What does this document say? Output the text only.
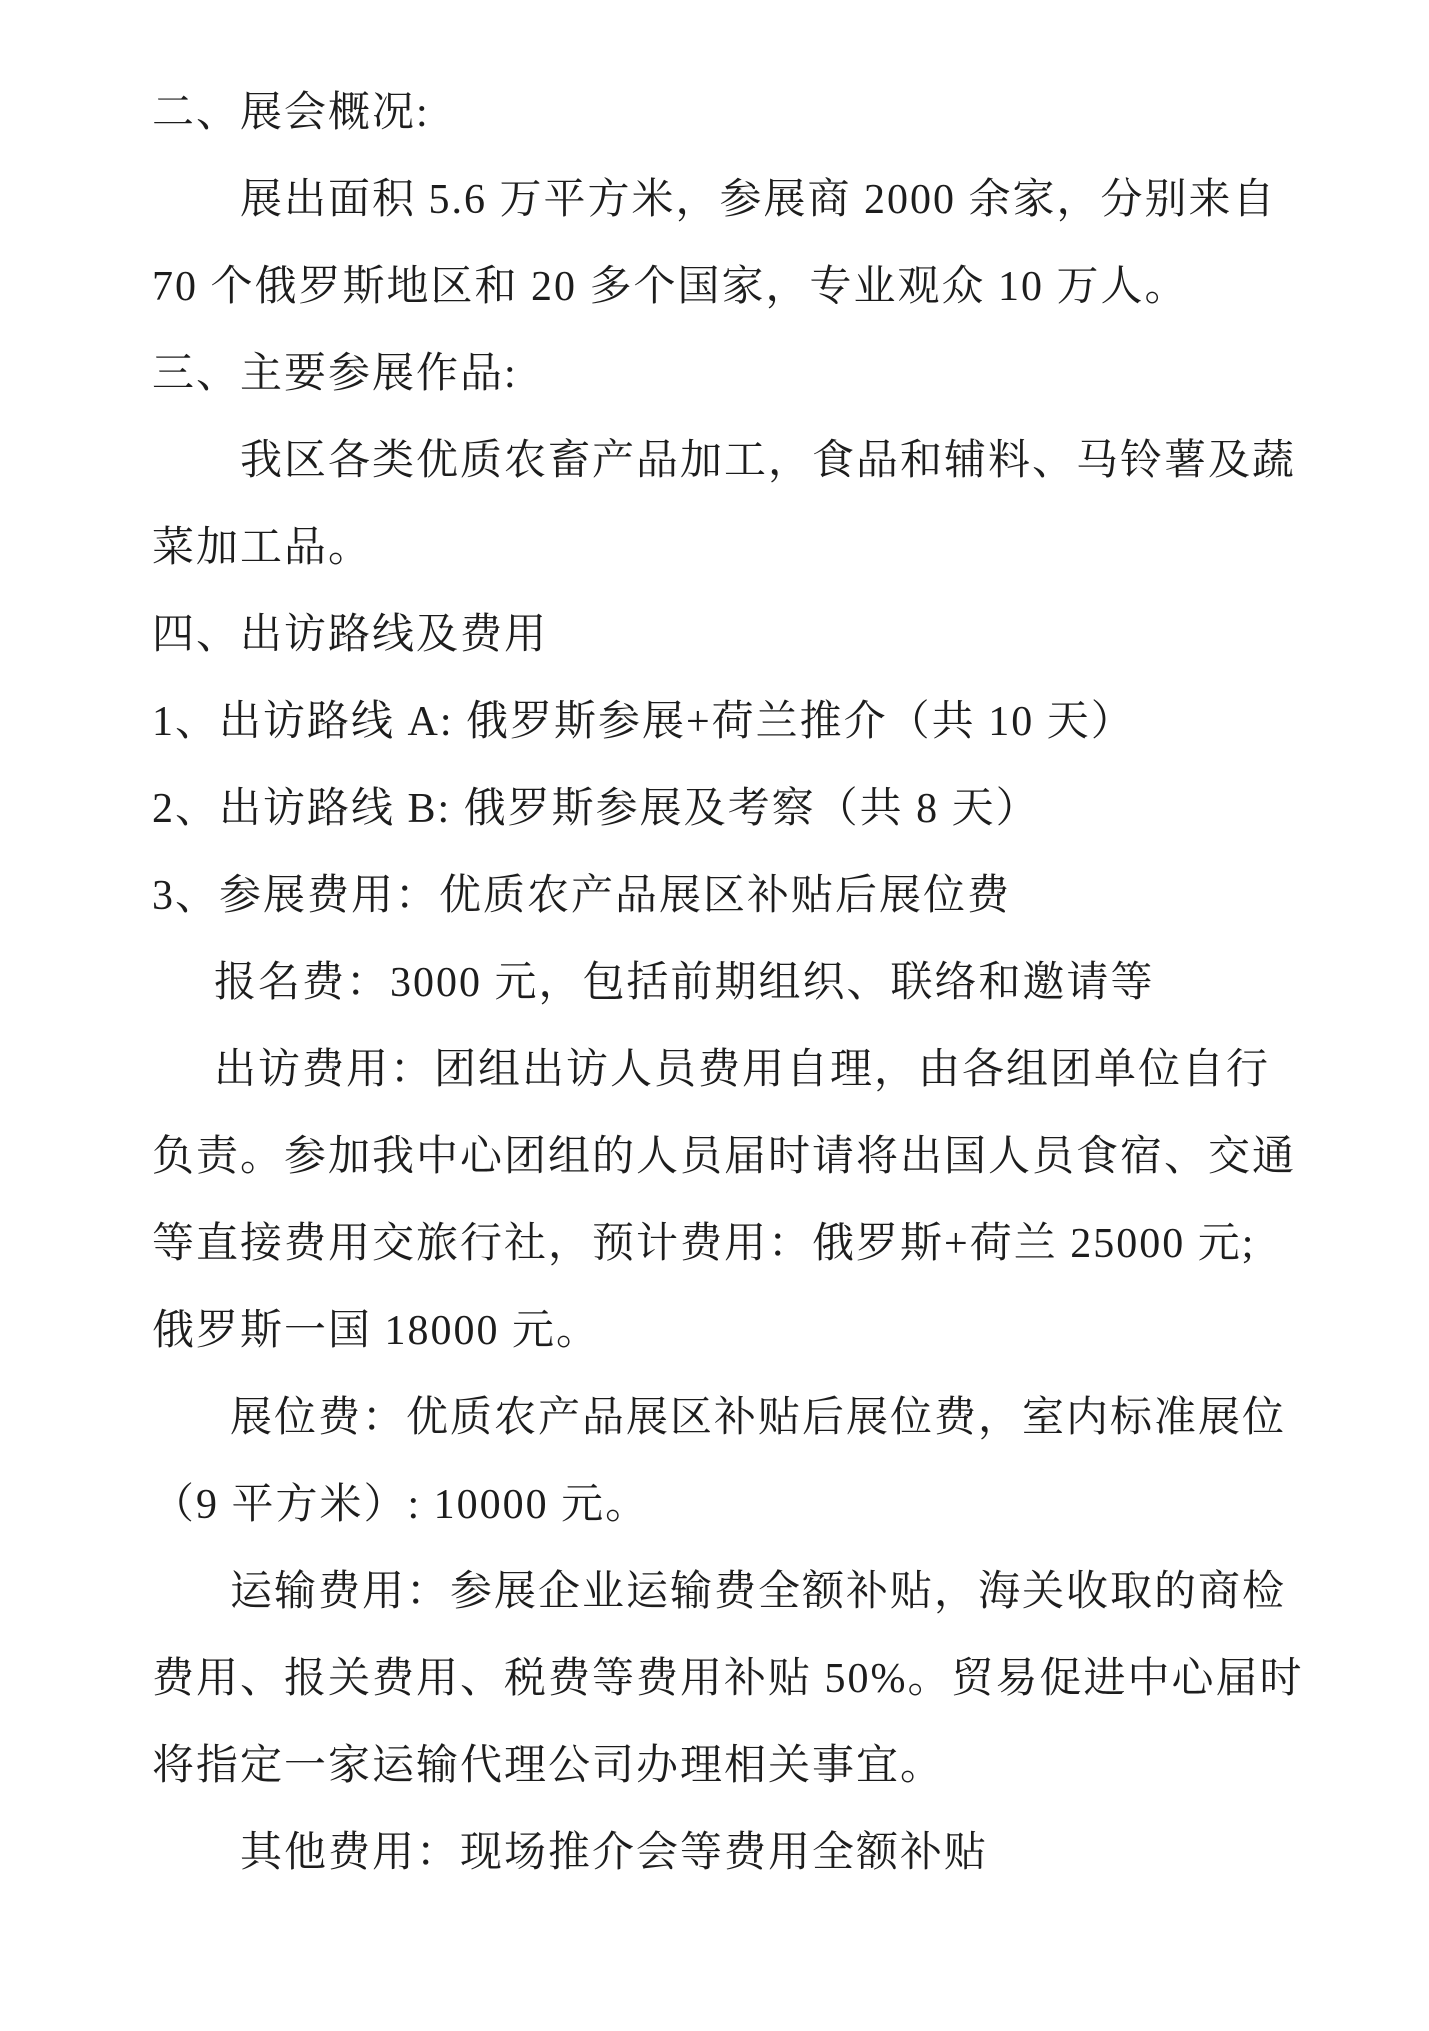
二、展会概况:
展出面积 5.6 万平方米，参展商 2000 余家，分别来自
70 个俄罗斯地区和 20 多个国家，专业观众 10 万人。
三、主要参展作品:
我区各类优质农畜产品加工，食品和辅料、马铃薯及蔬
菜加工品。
四、出访路线及费用
1、出访路线 A: 俄罗斯参展+荷兰推介（共 10 天）
2、出访路线 B: 俄罗斯参展及考察（共 8 天）
3、参展费用：优质农产品展区补贴后展位费
报名费：3000 元，包括前期组织、联络和邀请等
出访费用：团组出访人员费用自理，由各组团单位自行
负责。参加我中心团组的人员届时请将出国人员食宿、交通
等直接费用交旅行社，预计费用：俄罗斯+荷兰 25000 元;
俄罗斯一国 18000 元。
展位费：优质农产品展区补贴后展位费，室内标准展位
（9 平方米）: 10000 元。
运输费用：参展企业运输费全额补贴，海关收取的商检
费用、报关费用、税费等费用补贴 50%。贸易促进中心届时
将指定一家运输代理公司办理相关事宜。
其他费用：现场推介会等费用全额补贴
